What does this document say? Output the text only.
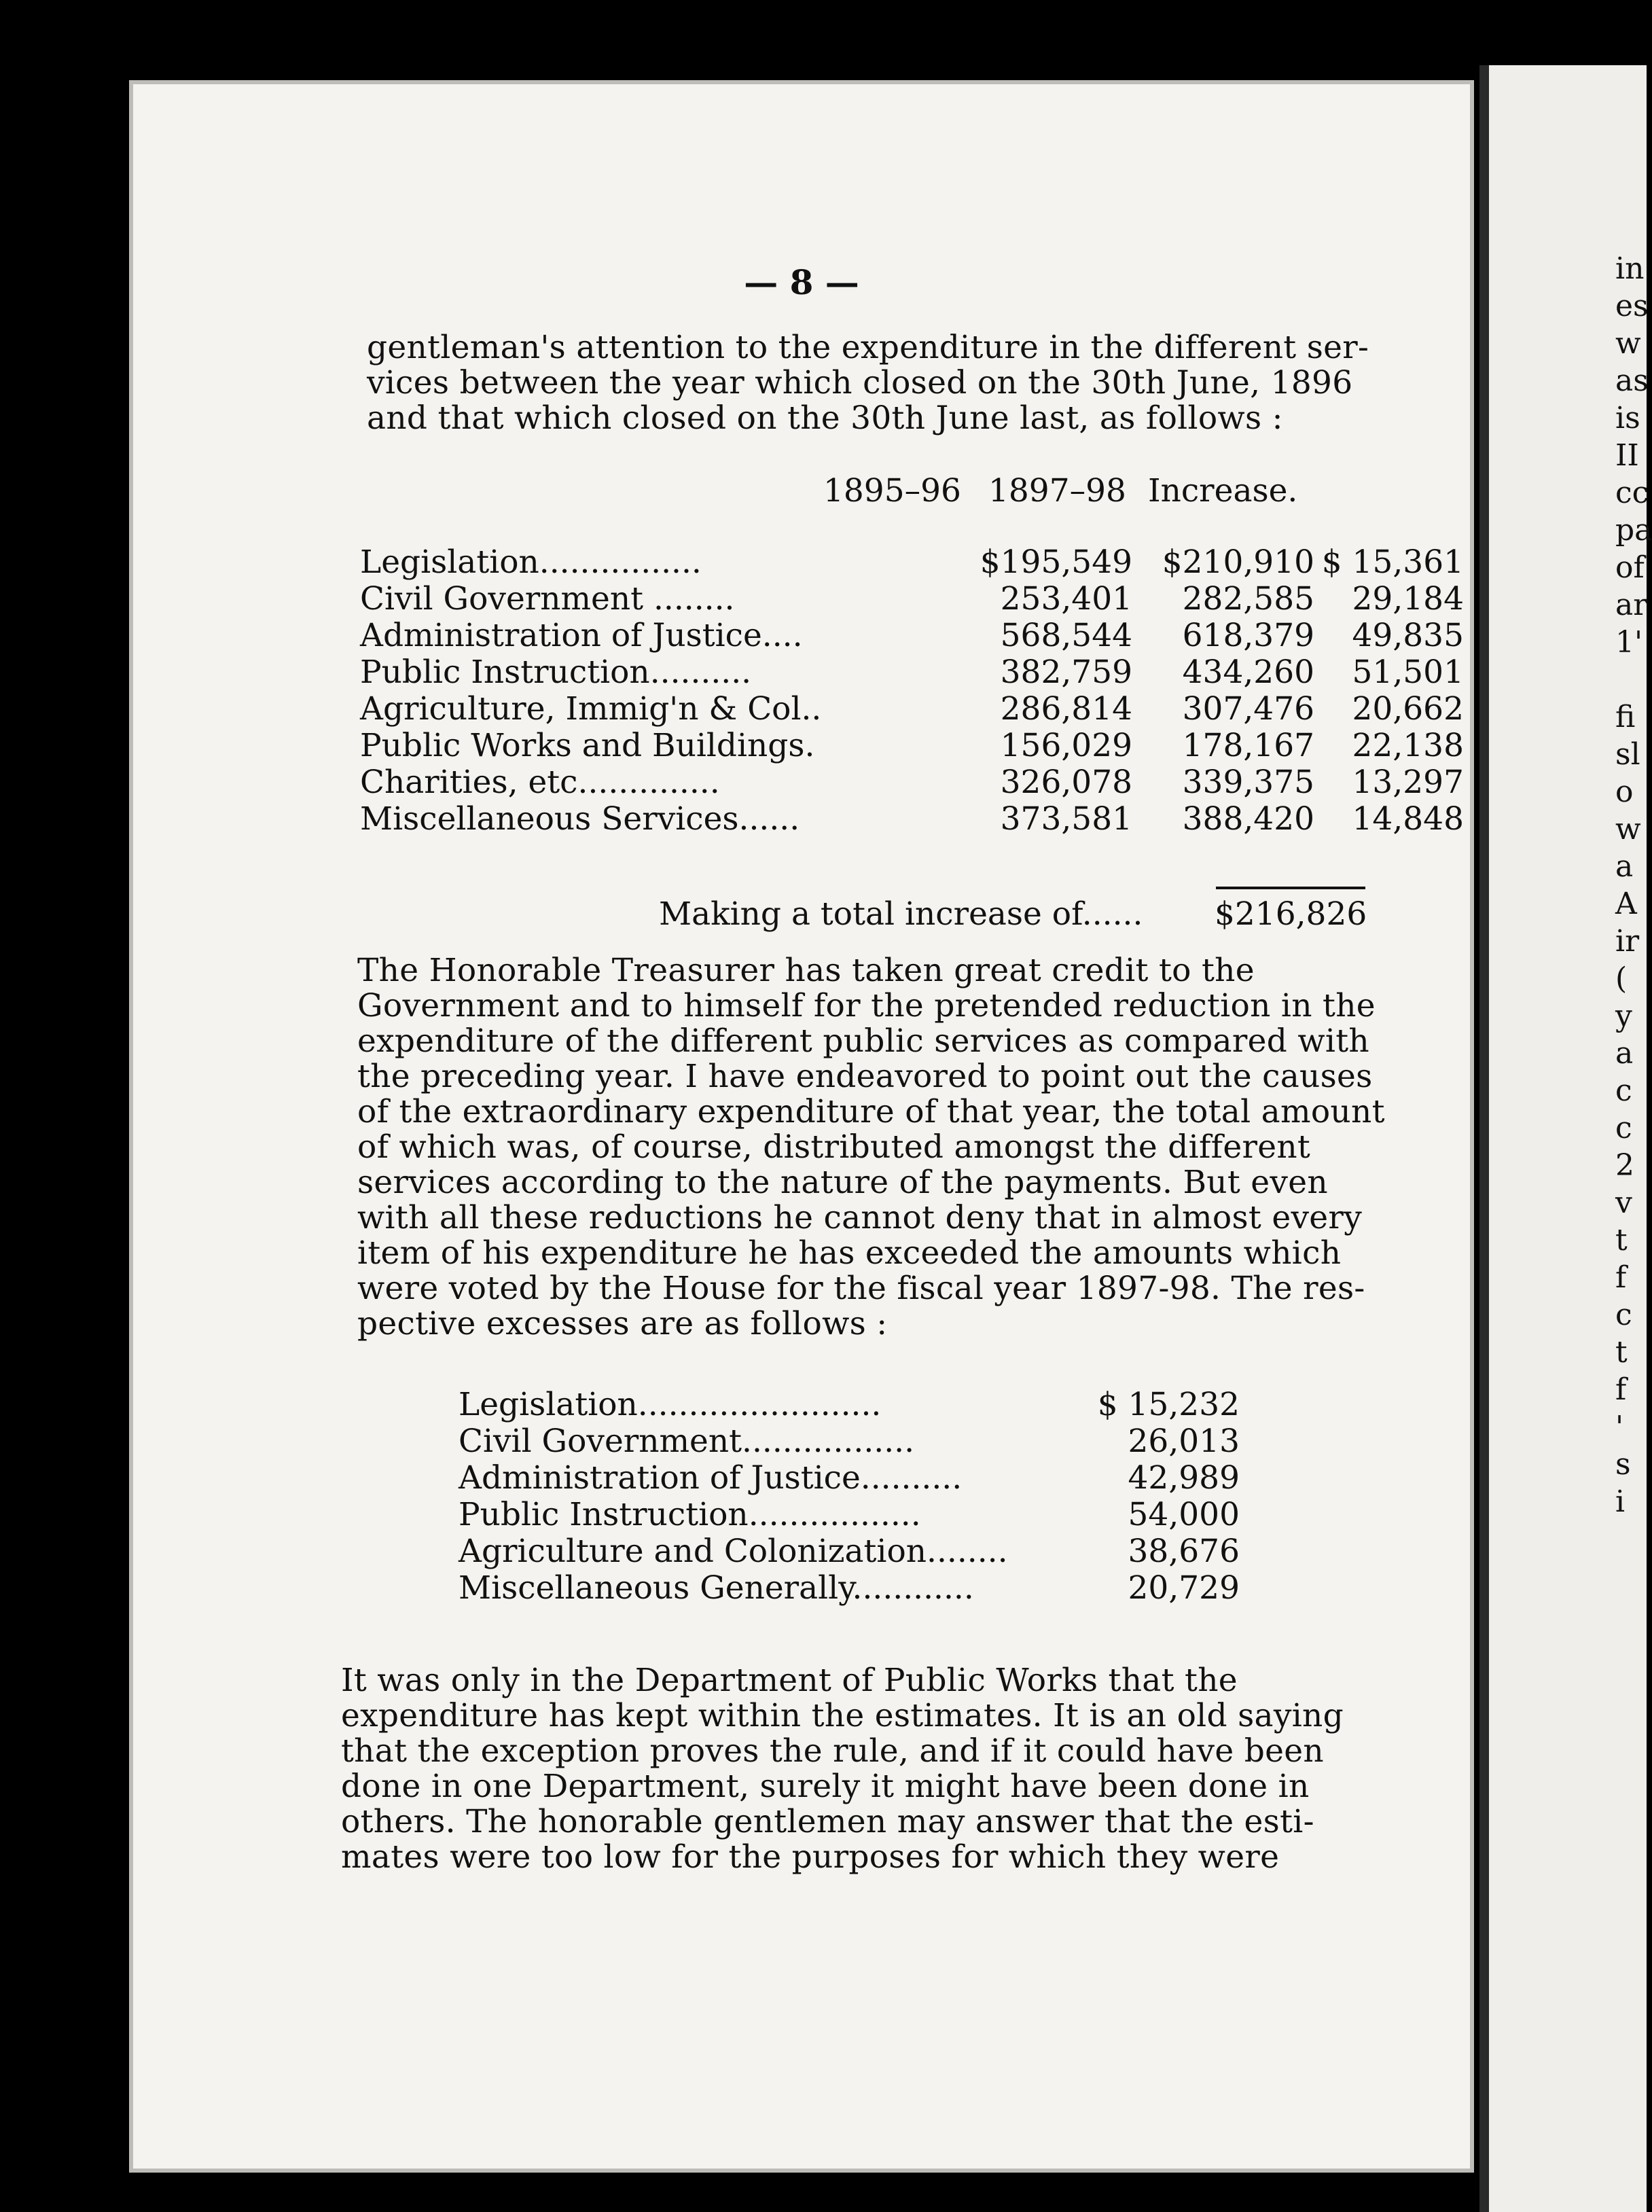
— 8 —
gentleman's attention to the expenditure in the different ser-
vices between the year which closed on the 30th June, 1896
and that which closed on the 30th June last, as follows :
1895–96 1897–98 Increase.
Legislation................	$195,549 $210,910 $ 15,361
Civil Government ........	253,401 282,585 29,184
Administration of Justice....	568,544 618,379 49,835
Public Instruction..........	382,759 434,260 51,501
Agriculture, Immig'n & Col..	286,814 307,476 20,662
Public Works and Buildings.	156,029 178,167 22,138
Charities, etc..............	326,078 339,375 13,297
Miscellaneous Services......	373,581 388,420 14,848
Making a total increase of...... $216,826
The Honorable Treasurer has taken great credit to the
Government and to himself for the pretended reduction in the
expenditure of the different public services as compared with
the preceding year. I have endeavored to point out the causes
of the extraordinary expenditure of that year, the total amount
of which was, of course, distributed amongst the different
services according to the nature of the payments. But even
with all these reductions he cannot deny that in almost every
item of his expenditure he has exceeded the amounts which
were voted by the House for the fiscal year 1897-98. The res-
pective excesses are as follows :
Legislation........................	$ 15,232
Civil Government.................	26,013
Administration of Justice..........	42,989
Public Instruction.................	54,000
Agriculture and Colonization........	38,676
Miscellaneous Generally............	20,729
It was only in the Department of Public Works that the
expenditure has kept within the estimates. It is an old saying
that the exception proves the rule, and if it could have been
done in one Department, surely it might have been done in
others. The honorable gentlemen may answer that the esti-
mates were too low for the purposes for which they were
in
es
w
as
is
II
cc
pa
of
ar
1'
fi
sl
o
w
a
A
ir
(
y
a
c
c
2
v
t
f
c
t
f
'
s
i
